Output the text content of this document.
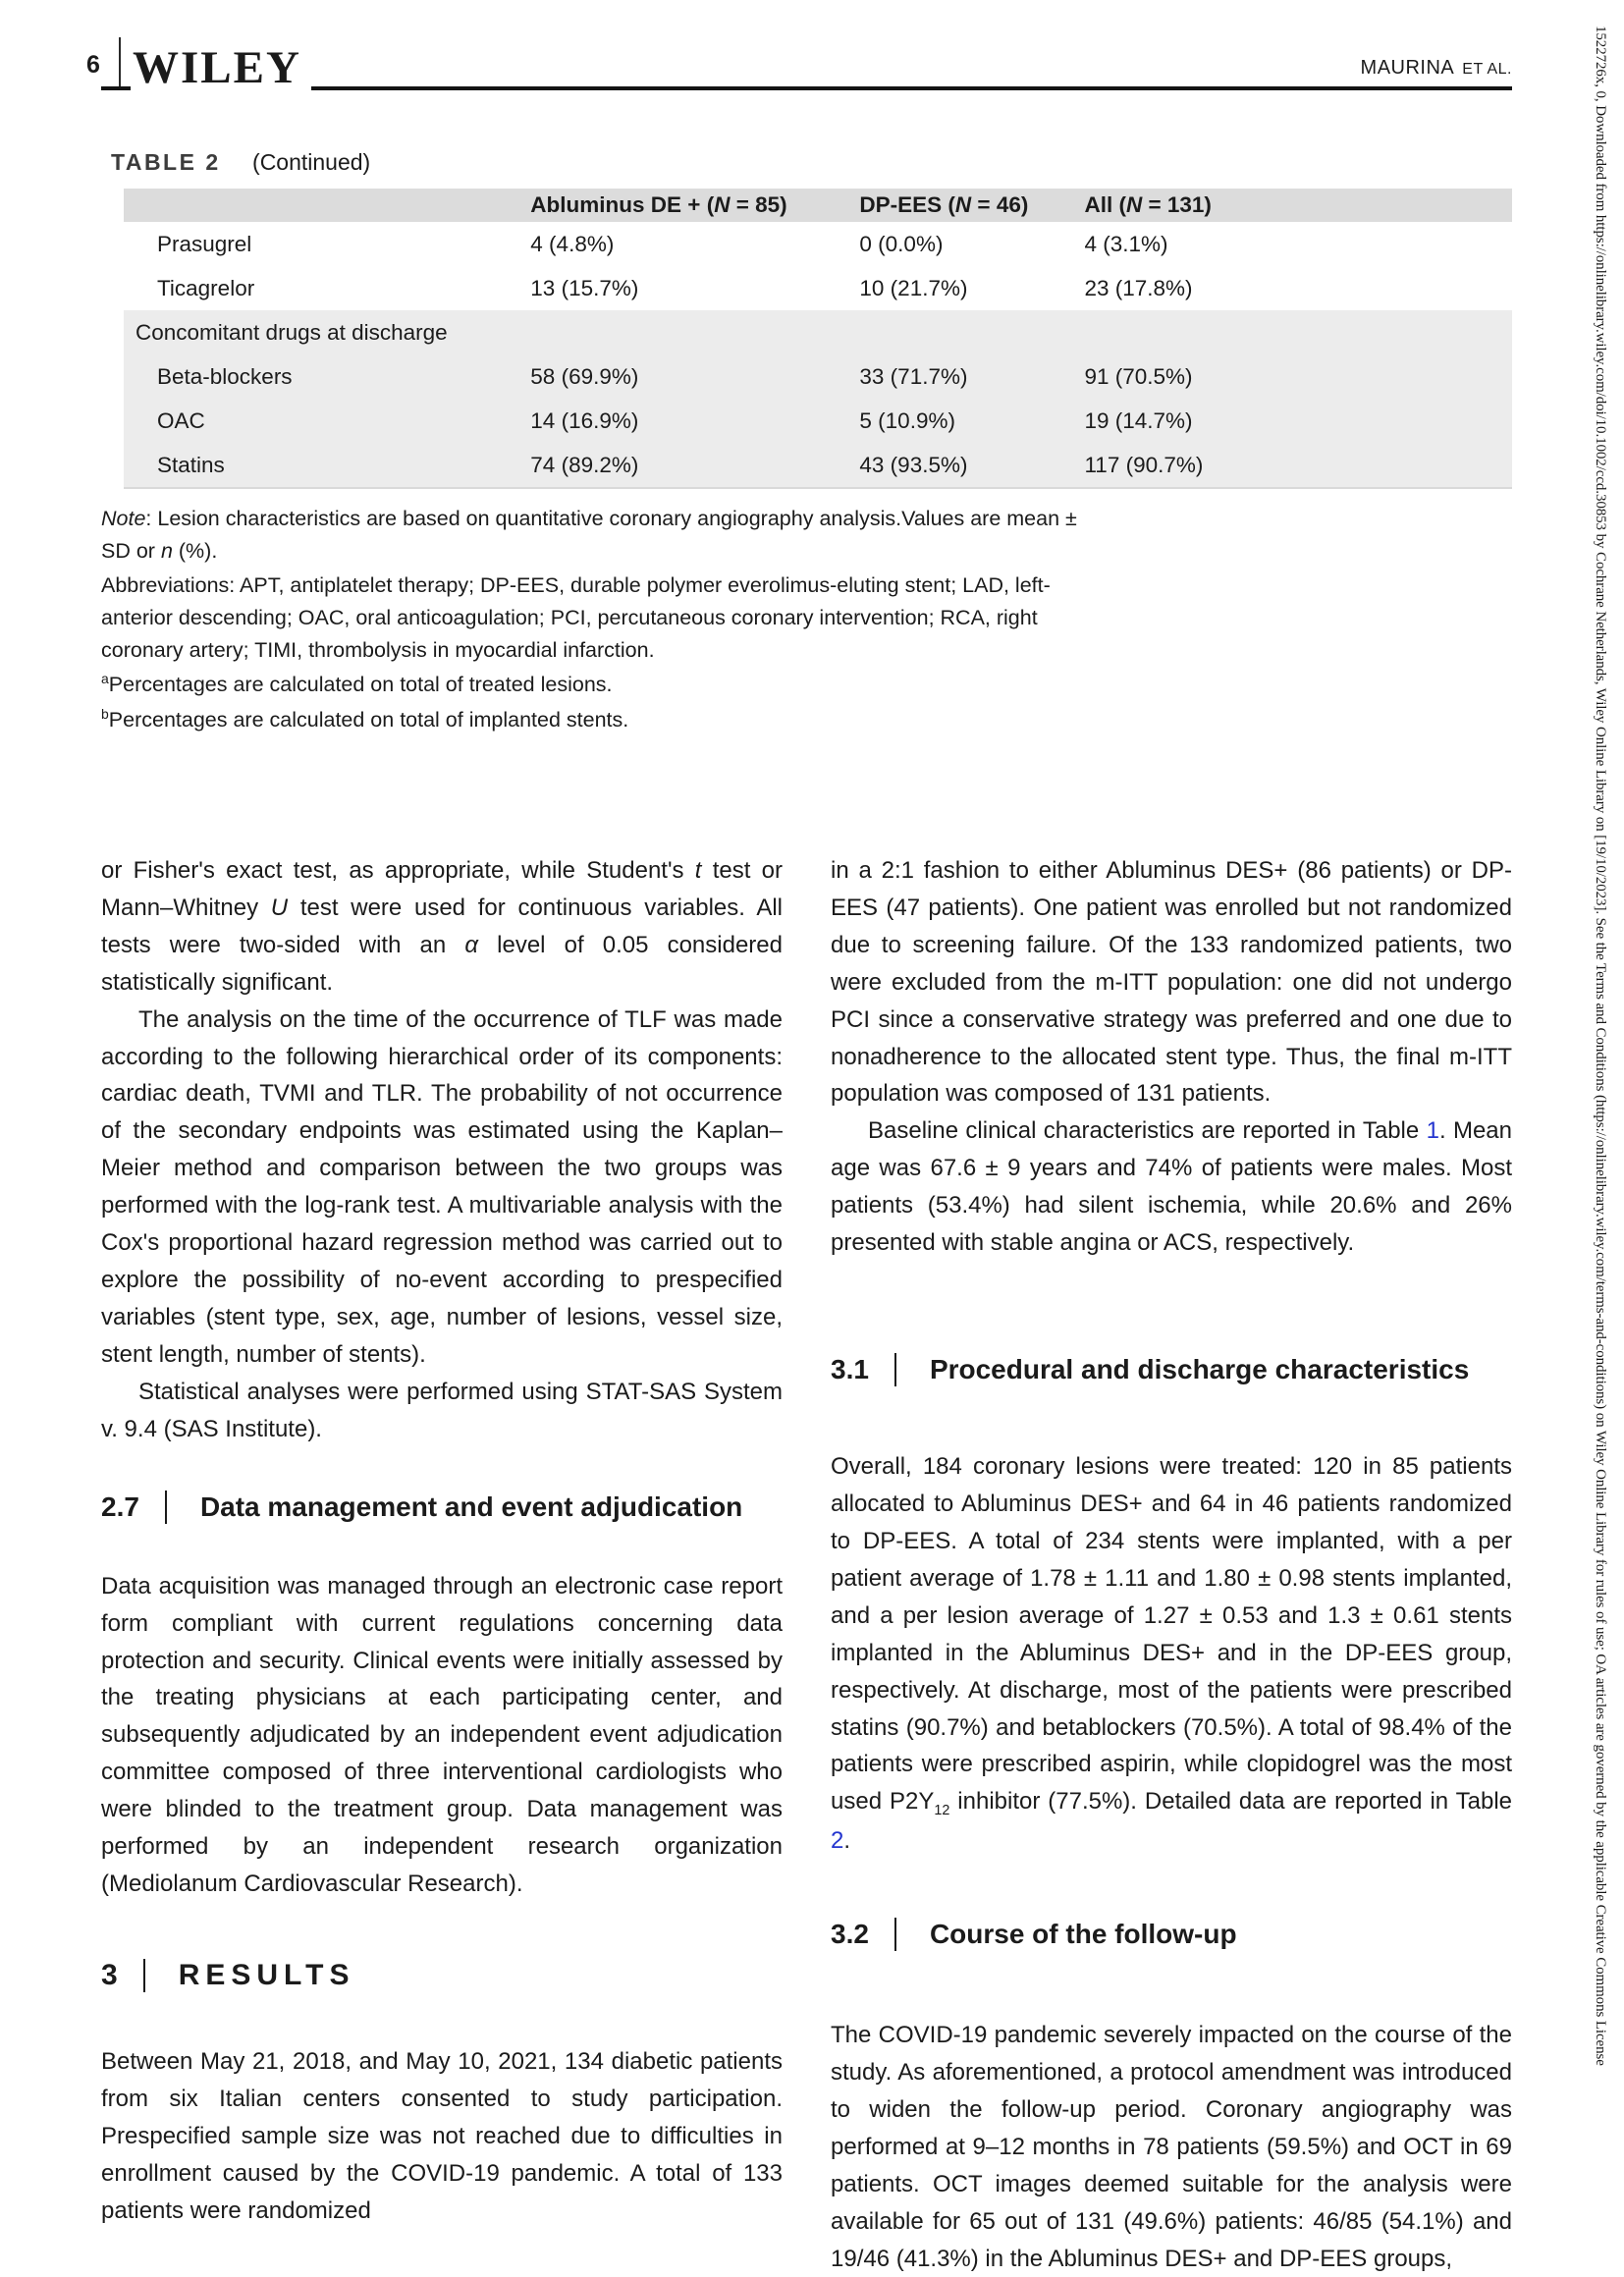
1522726x, 0, Downloaded from https://onlinelibrary.wiley.com/doi/10.1002/ccd.30853 by Cochrane Netherlands, Wiley Online Library on [19/10/2023]. See the Terms and Conditions (https://onlinelibrary.wiley.com/terms-and-conditions) on Wiley Online Library for rules of use; OA articles are governed by the applicable Creative Commons License
6 WILEY	MAURINA ET AL.
TABLE 2 (Continued)
Abluminus DE + (N = 85)	DP-EES (N = 46)	All (N = 131)
Prasugrel	4 (4.8%)	0 (0.0%)	4 (3.1%)
Ticagrelor	13 (15.7%)	10 (21.7%)	23 (17.8%)
Concomitant drugs at discharge
Beta-blockers	58 (69.9%)	33 (71.7%)	91 (70.5%)
OAC	14 (16.9%)	5 (10.9%)	19 (14.7%)
Statins	74 (89.2%)	43 (93.5%)	117 (90.7%)

Note: Lesion characteristics are based on quantitative coronary angiography analysis.Values are mean ± SD or n (%).

Abbreviations: APT, antiplatelet therapy; DP-EES, durable polymer everolimus-eluting stent; LAD, left-anterior descending; OAC, oral anticoagulation; PCI, percutaneous coronary intervention; RCA, right coronary artery; TIMI, thrombolysis in myocardial infarction.

$^a$Percentages are calculated on total of treated lesions.

$^b$Percentages are calculated on total of implanted stents.

or Fisher's exact test, as appropriate, while Student's t test or Mann–Whitney U test were used for continuous variables. All tests were two-sided with an α level of 0.05 considered statistically significant.

The analysis on the time of the occurrence of TLF was made according to the following hierarchical order of its components: cardiac death, TVMI and TLR. The probability of not occurrence of the secondary endpoints was estimated using the Kaplan–Meier method and comparison between the two groups was performed with the log-rank test. A multivariable analysis with the Cox's proportional hazard regression method was carried out to explore the possibility of no-event according to prespecified variables (stent type, sex, age, number of lesions, vessel size, stent length, number of stents).

Statistical analyses were performed using STAT-SAS System v. 9.4 (SAS Institute).

2.7 Data management and event adjudication

Data acquisition was managed through an electronic case report form compliant with current regulations concerning data protection and security. Clinical events were initially assessed by the treating physicians at each participating center, and subsequently adjudicated by an independent event adjudication committee composed of three interventional cardiologists who were blinded to the treatment group. Data management was performed by an independent research organization (Mediolanum Cardiovascular Research).

3 RESULTS

Between May 21, 2018, and May 10, 2021, 134 diabetic patients from six Italian centers consented to study participation. Prespecified sample size was not reached due to difficulties in enrollment caused by the COVID-19 pandemic. A total of 133 patients were randomized

in a 2:1 fashion to either Abluminus DES+ (86 patients) or DP-EES (47 patients). One patient was enrolled but not randomized due to screening failure. Of the 133 randomized patients, two were excluded from the m-ITT population: one did not undergo PCI since a conservative strategy was preferred and one due to nonadherence to the allocated stent type. Thus, the final m-ITT population was composed of 131 patients.

Baseline clinical characteristics are reported in Table 1. Mean age was 67.6 ± 9 years and 74% of patients were males. Most patients (53.4%) had silent ischemia, while 20.6% and 26% presented with stable angina or ACS, respectively.

3.1 Procedural and discharge characteristics

Overall, 184 coronary lesions were treated: 120 in 85 patients allocated to Abluminus DES+ and 64 in 46 patients randomized to DP-EES. A total of 234 stents were implanted, with a per patient average of 1.78 ± 1.11 and 1.80 ± 0.98 stents implanted, and a per lesion average of 1.27 ± 0.53 and 1.3 ± 0.61 stents implanted in the Abluminus DES+ and in the DP-EES group, respectively. At discharge, most of the patients were prescribed statins (90.7%) and betablockers (70.5%). A total of 98.4% of the patients were prescribed aspirin, while clopidogrel was the most used $P2Y_{12}$ inhibitor (77.5%). Detailed data are reported in Table 2.

3.2 Course of the follow-up

The COVID-19 pandemic severely impacted on the course of the study. As aforementioned, a protocol amendment was introduced to widen the follow-up period. Coronary angiography was performed at 9–12 months in 78 patients (59.5%) and OCT in 69 patients. OCT images deemed suitable for the analysis were available for 65 out of 131 (49.6%) patients: 46/85 (54.1%) and 19/46 (41.3%) in the Abluminus DES+ and DP-EES groups,
